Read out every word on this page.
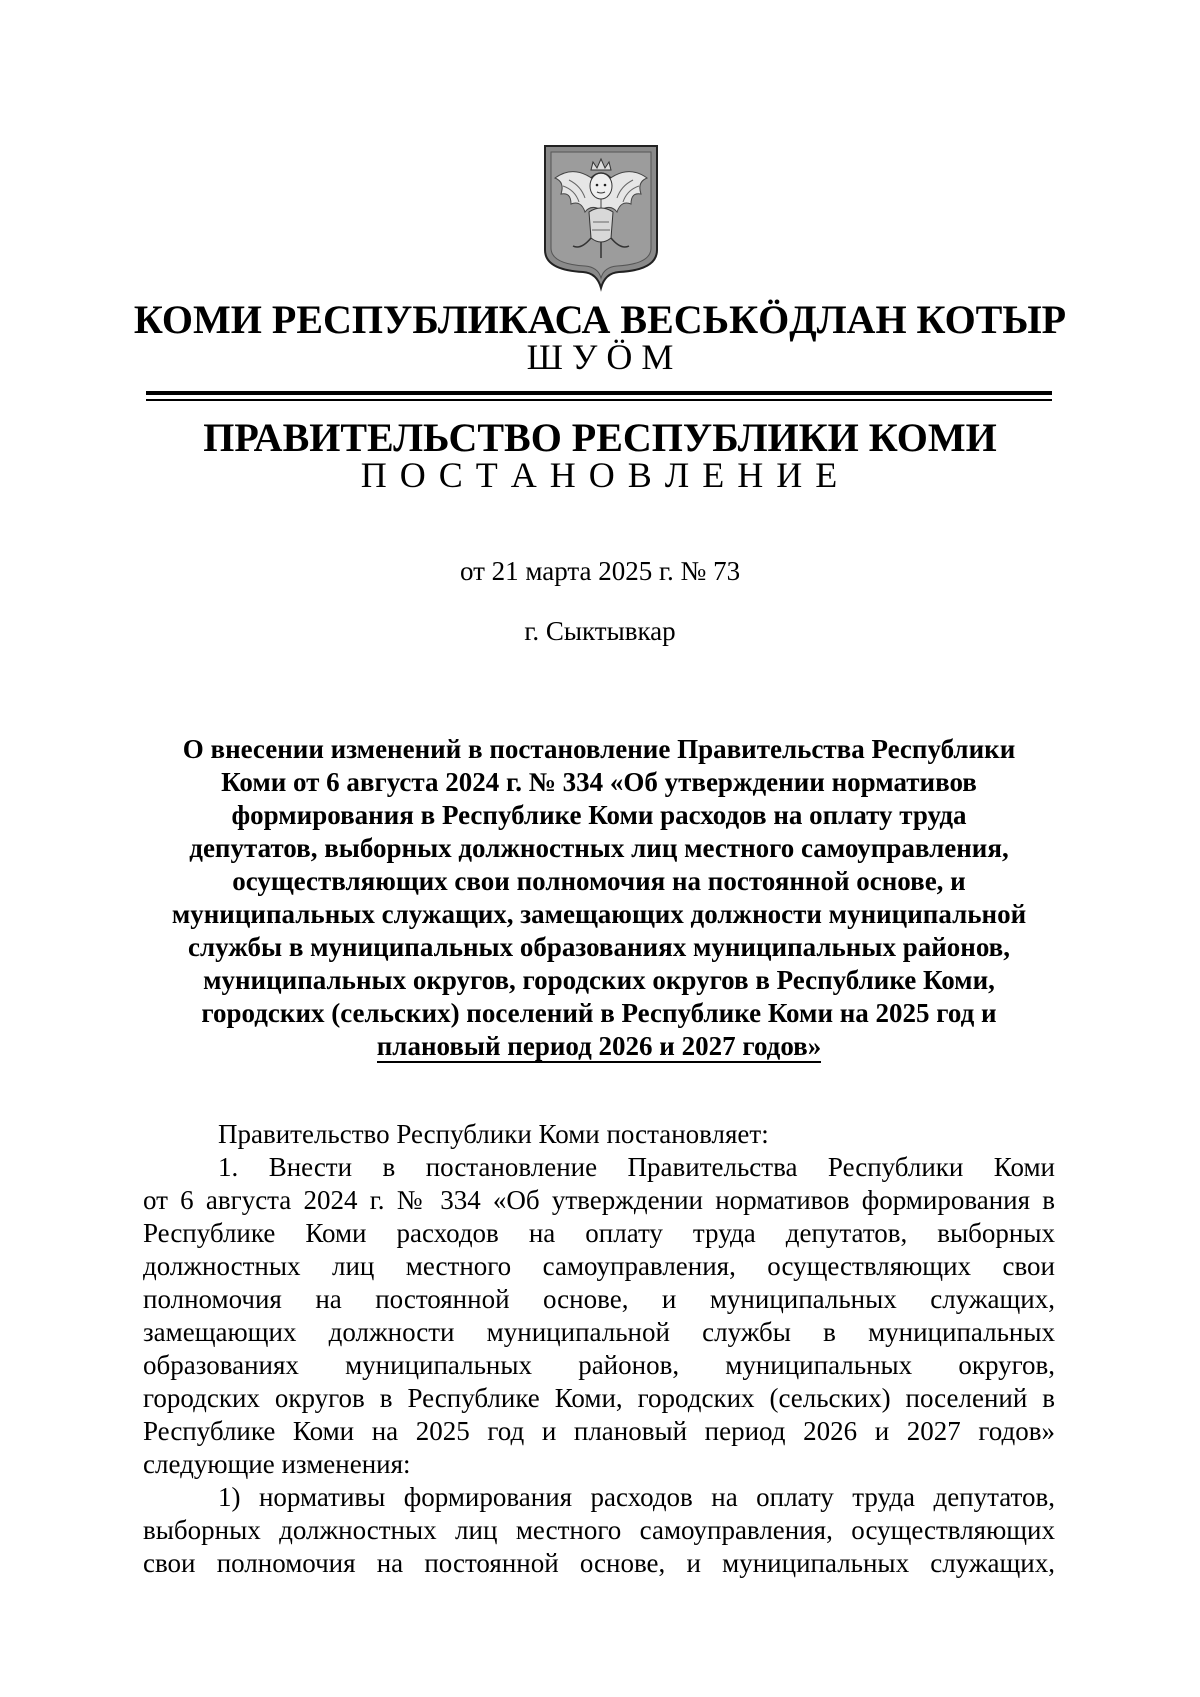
КОМИ РЕСПУБЛИКАСА ВЕСЬКӦДЛАН КОТЫР
Ш У Ӧ М
ПРАВИТЕЛЬСТВО РЕСПУБЛИКИ КОМИ
П О С Т А Н О В Л Е Н И Е
от 21 марта 2025 г. № 73
г. Сыктывкар
О внесении изменений в постановление Правительства Республики
Коми от 6 августа 2024 г. № 334 «Об утверждении нормативов
формирования в Республике Коми расходов на оплату труда
депутатов, выборных должностных лиц местного самоуправления,
осуществляющих свои полномочия на постоянной основе, и
муниципальных служащих, замещающих должности муниципальной
службы в муниципальных образованиях муниципальных районов,
муниципальных округов, городских округов в Республике Коми,
городских (сельских) поселений в Республике Коми на 2025 год и
плановый период 2026 и 2027 годов»
Правительство Республики Коми постановляет:
1. Внести в постановление Правительства Республики Коми
от 6 августа 2024 г. № 334 «Об утверждении нормативов формирования в
Республике Коми расходов на оплату труда депутатов, выборных
должностных лиц местного самоуправления, осуществляющих свои
полномочия на постоянной основе, и муниципальных служащих,
замещающих должности муниципальной службы в муниципальных
образованиях муниципальных районов, муниципальных округов,
городских округов в Республике Коми, городских (сельских) поселений в
Республике Коми на 2025 год и плановый период 2026 и 2027 годов»
следующие изменения:
1) нормативы формирования расходов на оплату труда депутатов,
выборных должностных лиц местного самоуправления, осуществляющих
свои полномочия на постоянной основе, и муниципальных служащих,
